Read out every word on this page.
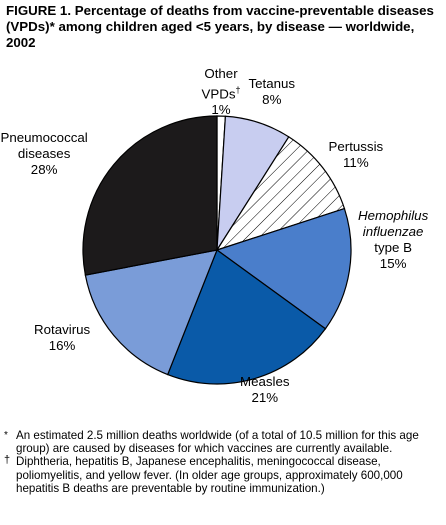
FIGURE 1. Percentage of deaths from vaccine-preventable diseases (VPDs)* among children aged <5 years, by disease — worldwide, 2002
Other
VPDs†
1%
Tetanus
8%
Pertussis
11%
Hemophilus
influenzae
type B
15%
Measles
21%
Rotavirus
16%
Pneumococcal
diseases
28%
* An estimated 2.5 million deaths worldwide (of a total of 10.5 million for this age group) are caused by diseases for which vaccines are currently available.
† Diphtheria, hepatitis B, Japanese encephalitis, meningococcal disease, poliomyelitis, and yellow fever. (In older age groups, approximately 600,000 hepatitis B deaths are preventable by routine immunization.)
